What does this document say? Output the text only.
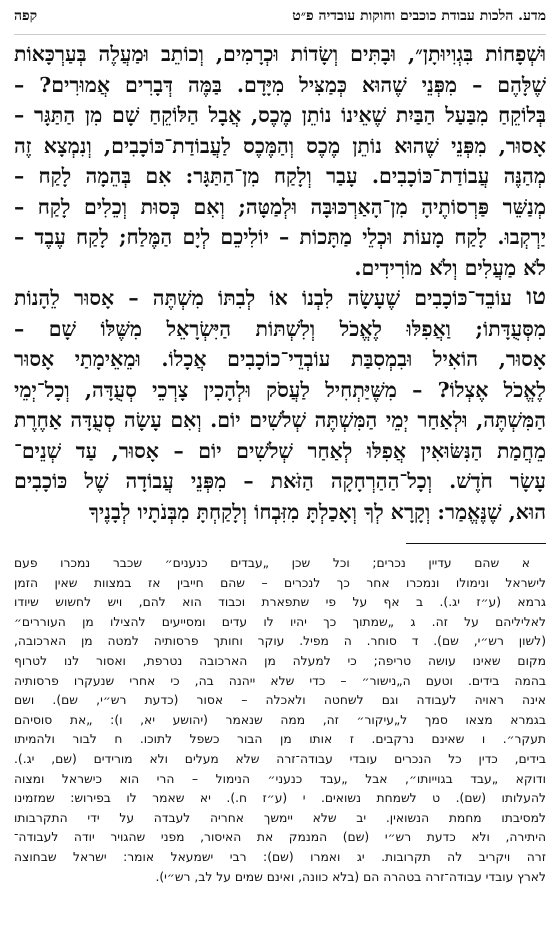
מדע. הלכות עבודת כוכבים וחוקות עובדיה פ״ט
קפה
וּשְׁפָחוֹת בִּגְוִיוּתָן״, וּבָתִּים וְשָׂדוֹת וּכְרָמִים, וְכוֹתֵב וּמַעֲלֶה בְּעַרְכָּאוֹת
שֶׁלָּהֶם – מִפְּנֵי שֶׁהוּא כְּמַצִּיל מִיָּדָם. בַּמֶּה דְּבָרִים אֲמוּרִים? –
בְּלוֹקֵחַ מִבַּעַל הַבַּיִת שֶׁאֵינוֹ נוֹתֵן מֶכֶס, אֲבָל הַלּוֹקֵחַ שָׁם מִן הַתַּגָּר –
אָסוּר, מִפְּנֵי שֶׁהוּא נוֹתֵן מֶכֶס וְהַמֶּכֶס לַעֲבוֹדַת־כּוֹכָבִים, וְנִמְצָא זֶה
מְהַנֶּה עֲבוֹדַת־כּוֹכָבִים. עָבַר וְלָקַח מִן־הַתַּגָּר: אִם בְּהֵמָה לָקַח –
מְנַשֵּׁר פַּרְסוֹתֶיהָ מִן־הָאַרְכּוּבָּה וּלְמַטָּה; וְאִם כְּסוּת וְכֵלִים לָקַח –
יַרְקְבוּ. לָקַח מָעוֹת וּכְלֵי מַתָּכוֹת – יוֹלִיכֵם לְיָם הַמֶּלַח; לָקַח עֶבֶד –
לֹא מַעֲלִים וְלֹא מוֹרִידִים.
טו
עוֹבֵד־כּוֹכָבִים שֶׁעָשָׂה לִבְנוֹ אוֹ לְבִתּוֹ מִשְׁתֶּה – אָסוּר לֵהָנוֹת
מִסְּעֻדָּתוֹ; וַאֲפִלּוּ לֶאֱכֹל וְלִשְׁתּוֹת הַיִּשְׂרָאֵל מִשֶּׁלּוֹ שָׁם –
אָסוּר, הוֹאִיל וּבִמְסִבַּת עוֹבְדֵי־כוֹכָבִים אֲכָלוֹ. וּמֵאֵימָתַי אָסוּר
לֶאֱכֹל אֶצְלוֹ? – מִשֶּׁיַּתְחִיל לַעֲסֹק וּלְהָכִין צָרְכֵי סְעֻדָּה, וְכָל־יְמֵי
הַמִּשְׁתֶּה, וּלְאַחַר יְמֵי הַמִּשְׁתֶּה שְׁלֹשִׁים יוֹם. וְאִם עָשָׂה סְעֻדָּה אַחֶרֶת
מֵחֲמַת הַנִּשּׂוּאִין אֲפִלּוּ לְאַחַר שְׁלֹשִׁים יוֹם – אָסוּר, עַד שְׁנֵים־
עָשָׂר חֹדֶשׁ. וְכָל־הַהַרְחָקָה הַזֹּאת – מִפְּנֵי עֲבוֹדָה שֶׁל כּוֹכָבִים
הוּא, שֶׁנֶּאֱמַר: וְקָרָא לְךָ וְאָכַלְתָּ מִזִּבְחוֹ וְלָקַחְתָּ מִבְּנֹתָיו לְבָנֶיךָ
א שהם עדיין נכרים; וכל שכן „עבדים כנענים״ שכבר נמכרו פעם
לישראל ונימולו ונמכרו אחר כך לנכרים – שהם חייבין אז במצוות שאין הזמן
גרמא (ע״ז יג.). ב אף על פי שתפארת וכבוד הוא להם, ויש לחשוש שיודו
לאליליהם על זה. ג „שמתוך כך יהיו לו עדים ומסייעים להצילו מן העוררים״
(לשון רש״י, שם). ד סוחר. ה מפיל. עוקר וחותך פרסותיה למטה מן הארכובה,
מקום שאינו עושה טריפה; כי למעלה מן הארכובה נטרפת, ואסור לנו לטרוף
בהמה בידים. וטעם ה„נישור״ – כדי שלא ייהנה בה, כי אחרי שנעקרו פרסותיה
אינה ראויה לעבודה וגם לשחטה ולאכלה – אסור (כדעת רש״י, שם). ושם
בגמרא מצאו סמך ל„עיקור״ זה, ממה שנאמר (יהושע יא, ו): „את סוסיהם
תעקר״. ו שאינם נרקבים. ז אותו מן הבור כשפל לתוכו. ח לבור ולהמיתו
בידים, כדין כל הנכרים עובדי עבודה־זרה שלא מעלים ולא מורידים (שם, יג.).
ודוקא „עבד בגוייותו״, אבל „עבד כנעני״ הנימול – הרי הוא כישראל ומצוה
להעלותו (שם). ט לשמחת נשואים. י (ע״ז ח.). יא שאמר לו בפירוש: שמזמינו
למסיבתו מחמת הנשואין. יב שלא יימשך אחריה לעבדה על ידי התקרבותו
היתירה, ולא כדעת רש״י (שם) המנמק את האיסור, מפני שהגויר יודה לעבודה־
זרה ויקריב לה תקרובות. יג ואמרו (שם): רבי ישמעאל אומר: ישראל שבחוצה
לארץ עובדי עבודה־זרה בטהרה הם (בלא כוונה, ואינם שמים על לב, רש״י).
